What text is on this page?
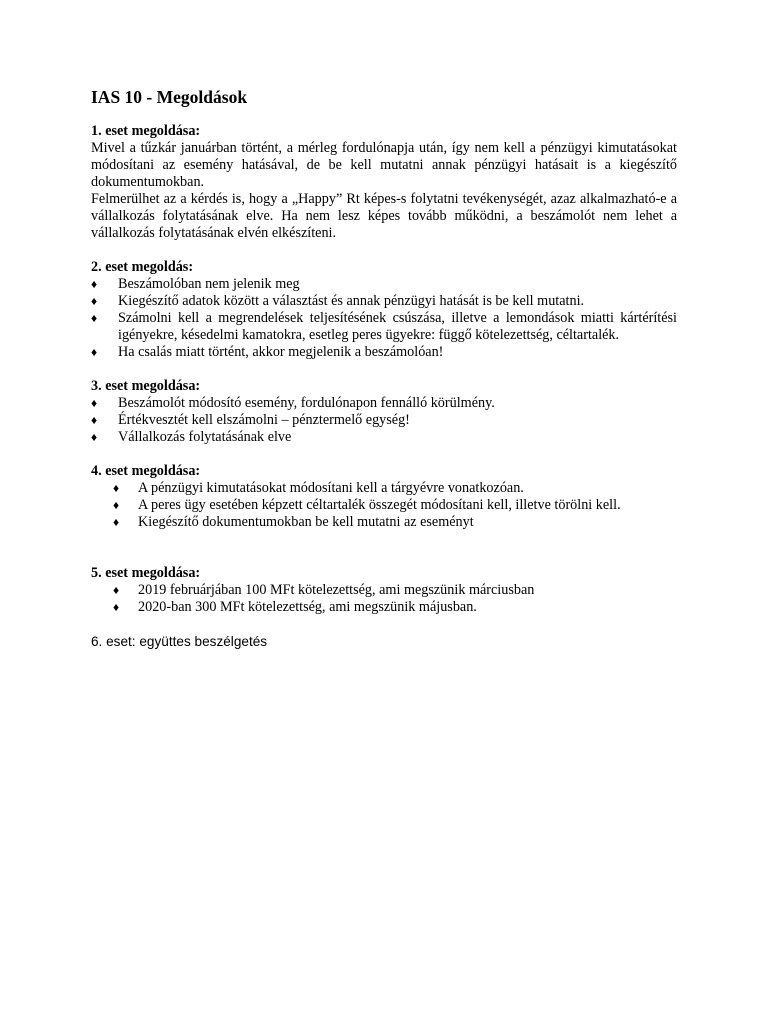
IAS 10 - Megoldások

1. eset megoldása:

Mivel a tűzkár januárban történt, a mérleg fordulónapja után, így nem kell a pénzügyi kimutatásokat módosítani az esemény hatásával, de be kell mutatni annak pénzügyi hatásait is a kiegészítő dokumentumokban.

Felmerülhet az a kérdés is, hogy a „Happy” Rt képes-s folytatni tevékenységét, azaz alkalmazható-e a vállalkozás folytatásának elve. Ha nem lesz képes tovább működni, a beszámolót nem lehet a vállalkozás folytatásának elvén elkészíteni.

2. eset megoldás:

♦ Beszámolóban nem jelenik meg
♦ Kiegészítő adatok között a választást és annak pénzügyi hatását is be kell mutatni.
♦ Számolni kell a megrendelések teljesítésének csúszása, illetve a lemondások miatti kártérítési igényekre, késedelmi kamatokra, esetleg peres ügyekre: függő kötelezettség, céltartalék.
♦ Ha csalás miatt történt, akkor megjelenik a beszámolóan!

3. eset megoldása:

♦ Beszámolót módosító esemény, fordulónapon fennálló körülmény.
♦ Értékvesztét kell elszámolni – pénztermelő egység!
♦ Vállalkozás folytatásának elve

4. eset megoldása:

♦ A pénzügyi kimutatásokat módosítani kell a tárgyévre vonatkozóan.
♦ A peres ügy esetében képzett céltartalék összegét módosítani kell, illetve törölni kell.
♦ Kiegészítő dokumentumokban be kell mutatni az eseményt

5. eset megoldása:

♦ 2019 februárjában 100 MFt kötelezettség, ami megszünik márciusban
♦ 2020-ban 300 MFt kötelezettség, ami megszünik májusban.

6. eset: együttes beszélgetés
